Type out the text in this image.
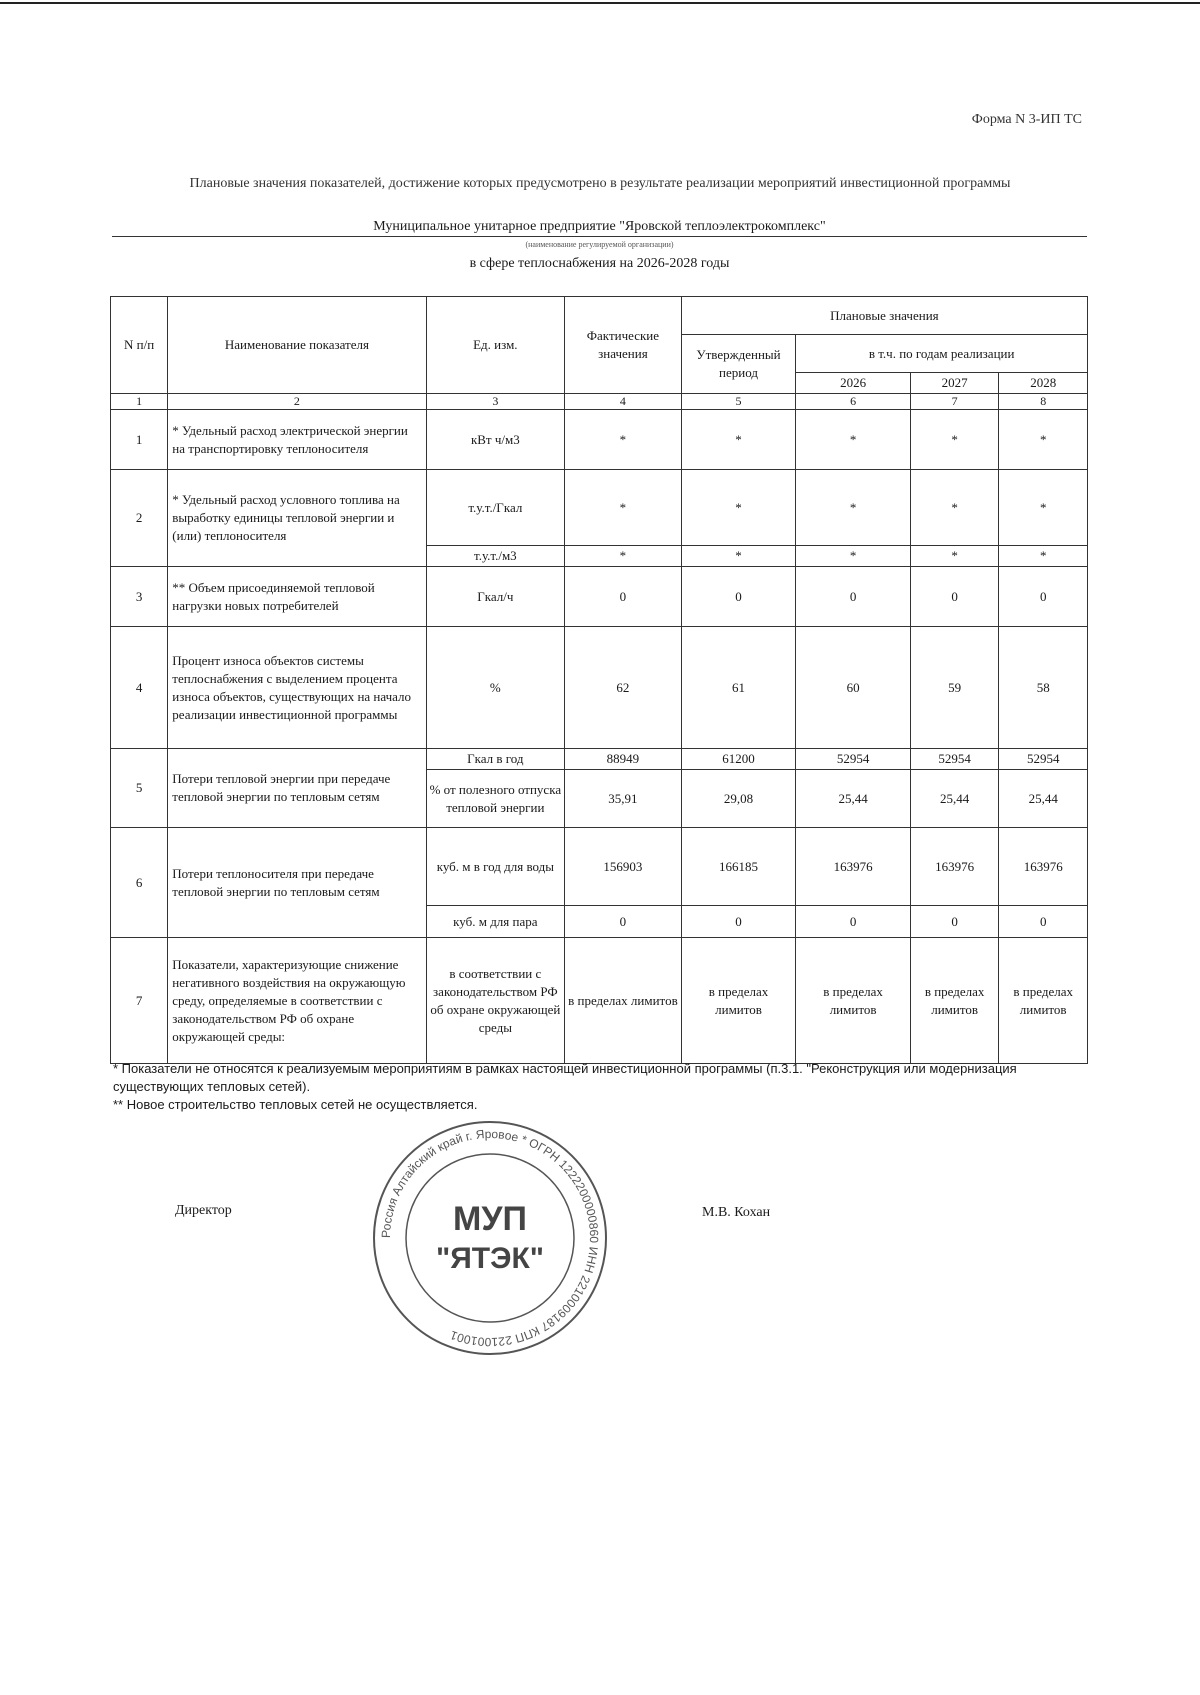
Форма N 3-ИП ТС
Плановые значения показателей, достижение которых предусмотрено в результате реализации мероприятий инвестиционной программы
Муниципальное унитарное предприятие "Яровской теплоэлектрокомплекс"
(наименование регулируемой организации)
в сфере теплоснабжения на 2026-2028 годы
N п/п	Наименование показателя	Ед. изм.	Фактические значения	Плановые значения			
				Утвержденный период	в т.ч. по годам реализации		
					2026	2027	2028
1	2	3	4	5	6	7	8
1	* Удельный расход электрической энергии на транспортировку теплоносителя	кВт ч/м3	*	*	*	*	*
2	* Удельный расход условного топлива на выработку единицы тепловой энергии и (или) теплоносителя	т.у.т./Гкал	*	*	*	*	*
		т.у.т./м3	*	*	*	*	*
3	** Объем присоединяемой тепловой нагрузки новых потребителей	Гкал/ч	0	0	0	0	0
4	Процент износа объектов системы теплоснабжения с выделением процента износа объектов, существующих на начало реализации инвестиционной программы	%	62	61	60	59	58
5	Потери тепловой энергии при передаче тепловой энергии по тепловым сетям	Гкал в год	88949	61200	52954	52954	52954
		% от полезного отпуска тепловой энергии	35,91	29,08	25,44	25,44	25,44
6	Потери теплоносителя при передаче тепловой энергии по тепловым сетям	куб. м в год для воды	156903	166185	163976	163976	163976
		куб. м для пара	0	0	0	0	0
7	Показатели, характеризующие снижение негативного воздействия на окружающую среду, определяемые в соответствии с законодательством РФ об охране окружающей среды:	в соответствии с законодательством РФ об охране окружающей среды	в пределах лимитов	в пределах лимитов	в пределах лимитов	в пределах лимитов	в пределах лимитов

* Показатели не относятся к реализуемым мероприятиям в рамках настоящей инвестиционной программы (п.3.1. "Реконструкция или модернизация существующих тепловых сетей).

** Новое строительство тепловых сетей не осуществляется.

Директор	М.В. Кохан
Россия Алтайский край г. Яровое * ОГРН 1222200000860 ИНН 2210009187 КПП 221001001
МУП
"ЯТЭК"
